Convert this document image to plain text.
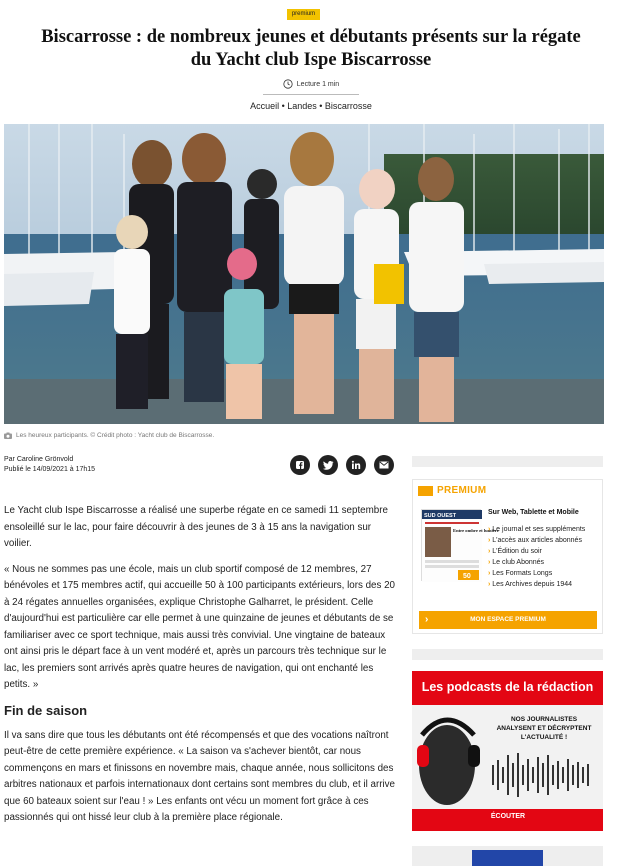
premium
Biscarrosse : de nombreux jeunes et débutants présents sur la régate du Yacht club Ispe Biscarrosse
Lecture 1 min
Accueil • Landes • Biscarrosse
Les heureux participants. © Crédit photo : Yacht club de Biscarrosse.
Par Caroline Grönvold
Publié le 14/09/2021 à 17h15

Le Yacht club Ispe Biscarrosse a réalisé une superbe régate en ce samedi 11 septembre ensoleillé sur le lac, pour faire découvrir à des jeunes de 3 à 15 ans la navigation sur voilier.

« Nous ne sommes pas une école, mais un club sportif composé de 12 membres, 27 bénévoles et 175 membres actif, qui accueille 50 à 100 participants extérieurs, lors des 20 à 24 régates annuelles organisées, explique Christophe Galharret, le président. Celle d'aujourd'hui est particulière car elle permet à une quinzaine de jeunes et débutants de se familiariser avec ce sport technique, mais aussi très convivial. Une vingtaine de bateaux ont ainsi pris le départ face à un vent modéré et, après un parcours très technique sur le lac, les premiers sont arrivés après quatre heures de navigation, qui ont enchanté les petits. »

Fin de saison

Il va sans dire que tous les débutants ont été récompensés et que des vocations naîtront peut-être de cette première expérience. « La saison va s'achever bientôt, car nous commençons en mars et finissons en novembre mais, chaque année, nous sollicitons des arbitres nationaux et parfois internationaux dont certains sont membres du club, et il arrive que 60 bateaux soient sur l'eau ! » Les enfants ont vécu un moment fort grâce à ces passionnés qui ont hissé leur club à la première place régionale.

PREMIUM
SUD OUEST
Entre ombre et lumière
50
Sur Web, Tablette et Mobile
› Le journal et ses suppléments
› L'accès aux articles abonnés
› L'Édition du soir
› Le club Abonnés
› Les Formats Longs
› Les Archives depuis 1944
›	MON ESPACE PREMIUM
Les podcasts de la rédaction
NOS JOURNALISTES ANALYSENT ET DÉCRYPTENT L'ACTUALITÉ !
ÉCOUTER
